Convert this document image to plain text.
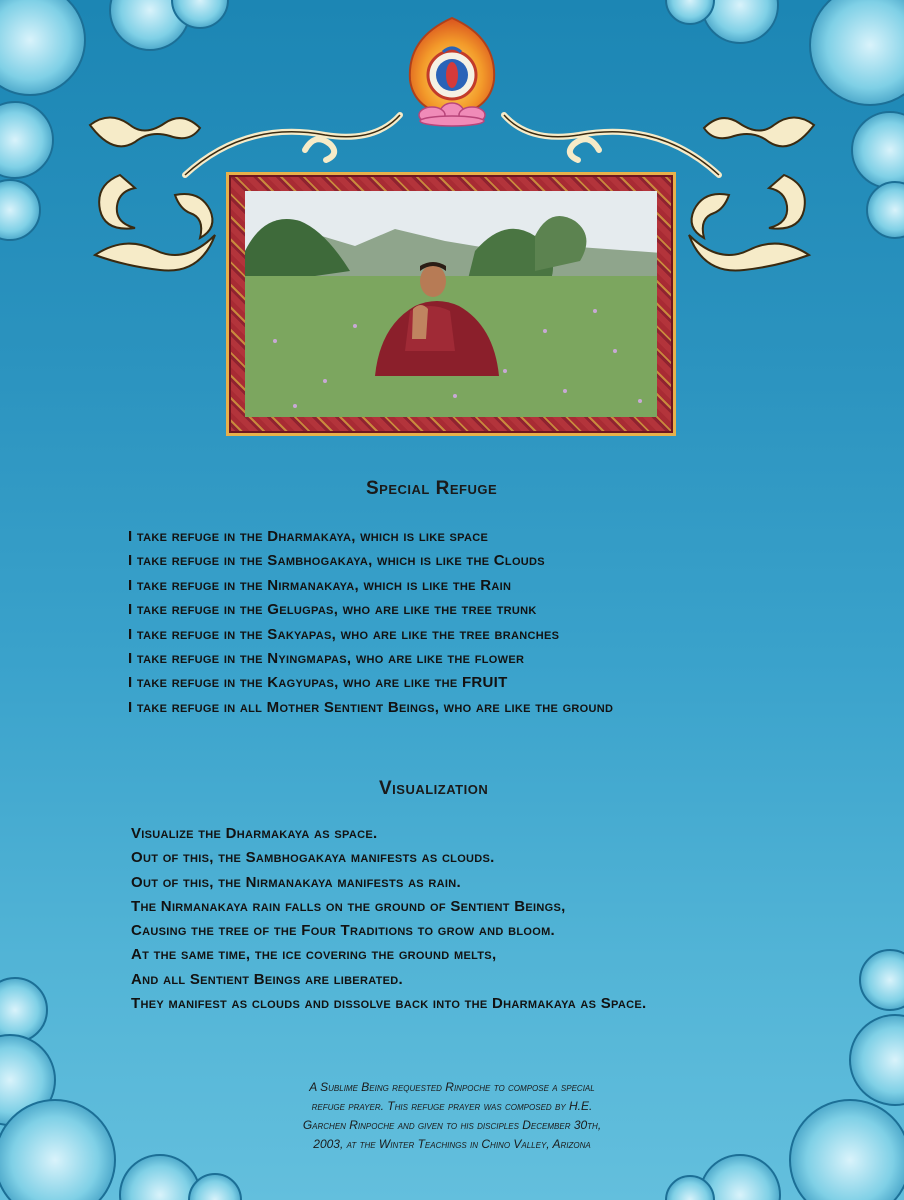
Special Refuge
I take refuge in the Dharmakaya, which is like space
I take refuge in the Sambhogakaya, which is like the Clouds
I take refuge in the Nirmanakaya, which is like the Rain
I take refuge in the Gelugpas, who are like the tree trunk
I take refuge in the Sakyapas, who are like the tree branches
I take refuge in the Nyingmapas, who are like the flower
I take refuge in the Kagyupas, who are like the FRUIT
I take refuge in all Mother Sentient Beings, who are like the ground
Visualization
Visualize the Dharmakaya as space.
Out of this, the Sambhogakaya manifests as clouds.
Out of this, the Nirmanakaya manifests as rain.
The Nirmanakaya rain falls on the ground of Sentient Beings,
Causing the tree of the Four Traditions to grow and bloom.
At the same time, the ice covering the ground melts,
And all Sentient Beings are liberated.
They manifest as clouds and dissolve back into the Dharmakaya as Space.
A Sublime Being requested Rinpoche to compose a special
refuge prayer. This refuge prayer was composed by H.E.
Garchen Rinpoche and given to his disciples December 30th,
2003, at the Winter Teachings in Chino Valley, Arizona
